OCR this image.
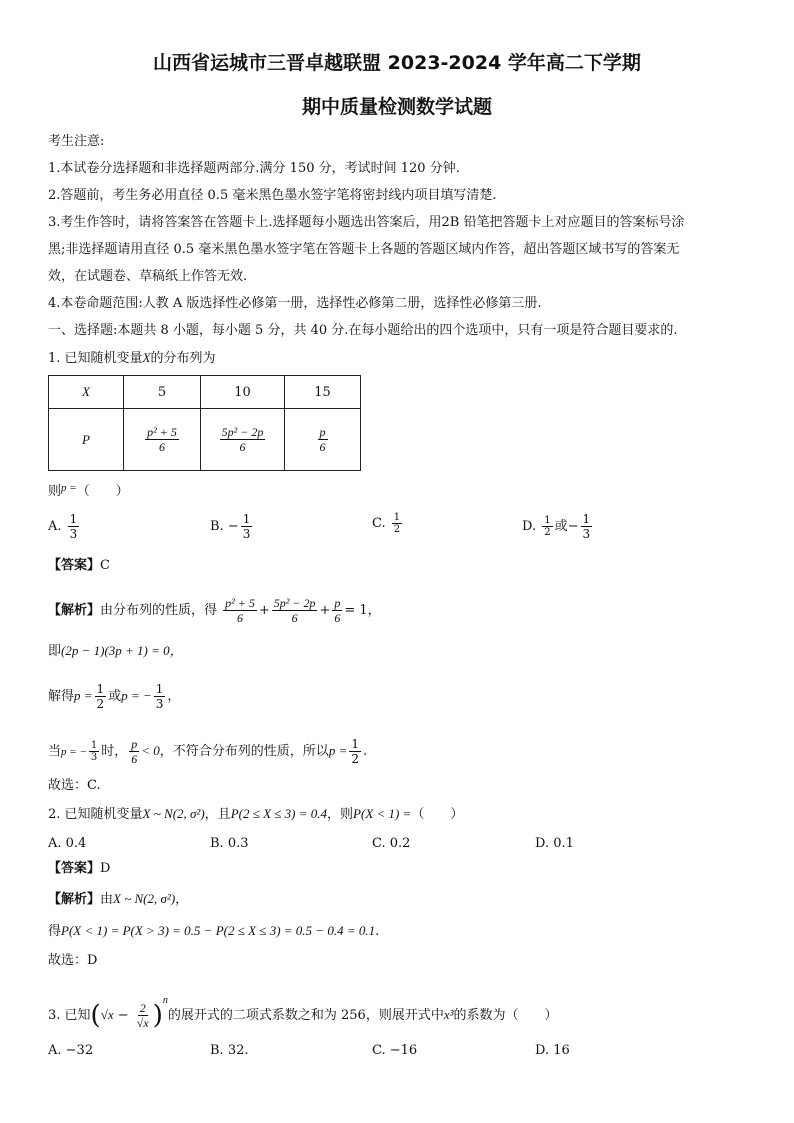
山西省运城市三晋卓越联盟 2023-2024 学年高二下学期
期中质量检测数学试题
考生注意:
1.本试卷分选择题和非选择题两部分.满分 150 分，考试时间 120 分钟.
2.答题前，考生务必用直径 0.5 毫米黑色墨水签字笔将密封线内项目填写清楚.
3.考生作答时，请将答案答在答题卡上.选择题每小题选出答案后，用2B 铅笔把答题卡上对应题目的答案标号涂
黑;非选择题请用直径 0.5 毫米黑色墨水签字笔在答题卡上各题的答题区域内作答，超出答题区域书写的答案无
效，在试题卷、草稿纸上作答无效.
4.本卷命题范围:人教 A 版选择性必修第一册，选择性必修第二册，选择性必修第三册.
一、选择题:本题共 8 小题，每小题 5 分，共 40 分.在每小题给出的四个选项中，只有一项是符合题目要求的.
1. 已知随机变量X的分布列为
X	5	10	15
P	$\frac{\text{p² + 5}}{6}$	$\frac{\text{5p² − 2p}}{6}$	$\frac{p}{6}$
则$^{p =}$（　　）
A. $\frac{1}{3}$	B. − $\frac{1}{3}$	C. $\frac{1}{2}$	D. $\frac{1}{2}$ 或− $\frac{1}{3}$
【答案】C
【解析】由分布列的性质，得 $\frac{\text{p² + 5}}{6} + \frac{\text{5p² − 2p}}{6} + \frac{p}{6} = 1$，
即(2p − 1)(3p + 1) = 0，
解得$p = \frac{1}{2}$ 或p = − $\frac{1}{3}$ ，
当p = − $\frac{1}{3}$ 时， $\frac{p}{6} < 0$，不符合分布列的性质，所以$p = \frac{1}{2}$ .
故选：C.
2. 已知随机变量X ~ N(2, σ²)，且P(2 ≤ X ≤ 3) = 0.4，则P(X < 1) =（　　）
A. 0.4	B. 0.3	C. 0.2	D. 0.1
【答案】D
【解析】由X ~ N(2, σ²)，
得P(X < 1) = P(X > 3) = 0.5 − P(2 ≤ X ≤ 3) = 0.5 − 0.4 = 0.1.
故选：D
3. 已知$(√x - \frac{2}{√x} )^n$的展开式的二项式系数之和为 256，则展开式中x³的系数为（　　）
A. −32	B. 32.	C. −16	D. 16
